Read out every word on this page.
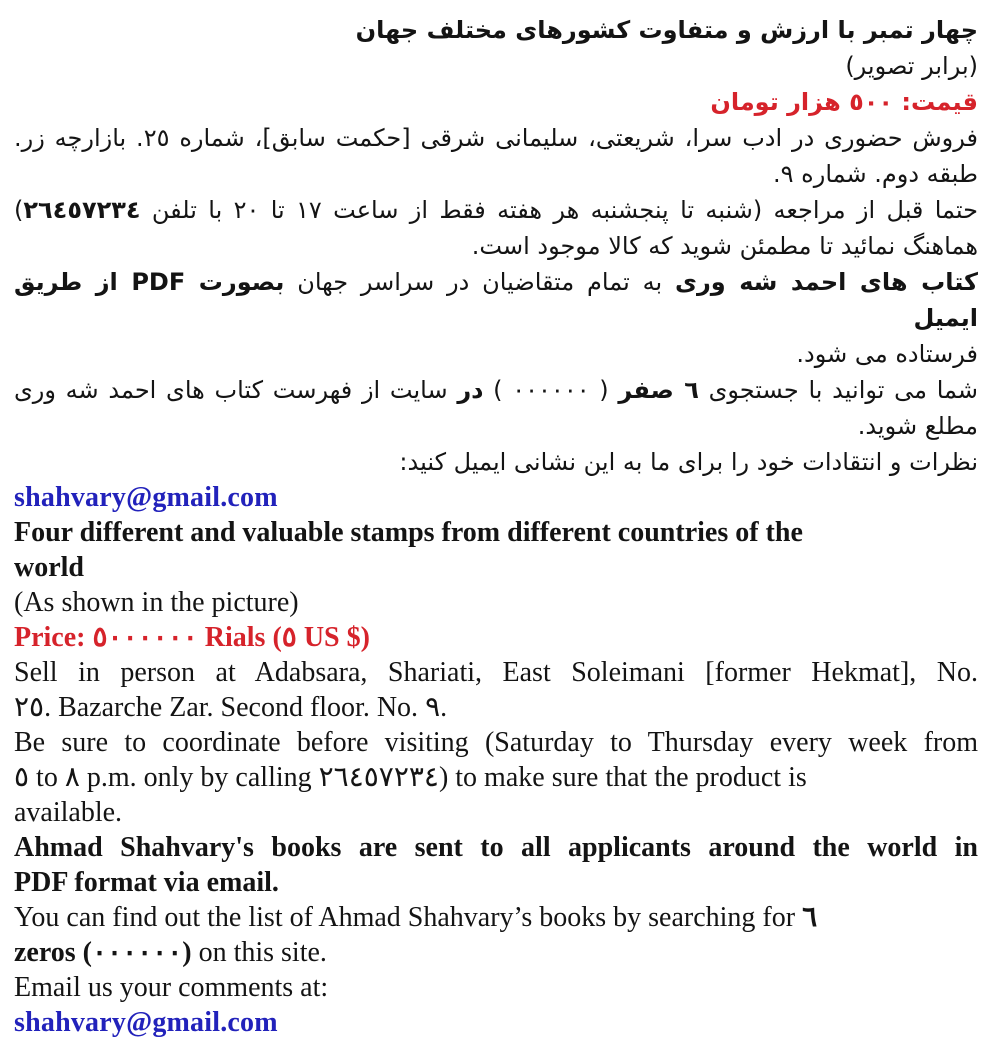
چهار تمبر با ارزش و متفاوت کشورهای مختلف جهان
(برابر تصویر)
قیمت: ٥٠٠ هزار تومان
فروش حضوری در ادب سرا، شریعتی، سلیمانی شرقی [حکمت سابق]، شماره ٢٥. بازارچه زر.
طبقه دوم. شماره ٩.
حتما قبل از مراجعه (شنبه تا پنجشنبه هر هفته فقط از ساعت ١٧ تا ٢٠ با تلفن ٢٦٤٥٧٢٣٤)
هماهنگ نمائید تا مطمئن شوید که کالا موجود است.
کتاب های احمد شه وری به تمام متقاضیان در سراسر جهان بصورت PDF از طریق ایمیل
فرستاده می شود.
شما می توانید با جستجوی ٦ صفر ( ٠٠٠٠٠٠ ) در سایت از فهرست کتاب های احمد شه وری
مطلع شوید.
نظرات و انتقادات خود را برای ما به این نشانی ایمیل کنید:
shahvary@gmail.com
Four different and valuable stamps from different countries of the
world
(As shown in the picture)
Price: ٥٠٠٠٠٠٠ Rials (٥ US $)
Sell in person at Adabsara, Shariati, East Soleimani [former Hekmat], No.
٢٥. Bazarche Zar. Second floor. No. ٩.
Be sure to coordinate before visiting (Saturday to Thursday every week from
٥ to ٨ p.m. only by calling ٢٦٤٥٧٢٣٤) to make sure that the product is
available.
Ahmad Shahvary's books are sent to all applicants around the world in
PDF format via email.
You can find out the list of Ahmad Shahvary’s books by searching for ٦
zeros (٠٠٠٠٠٠) on this site.
Email us your comments at:
shahvary@gmail.com
